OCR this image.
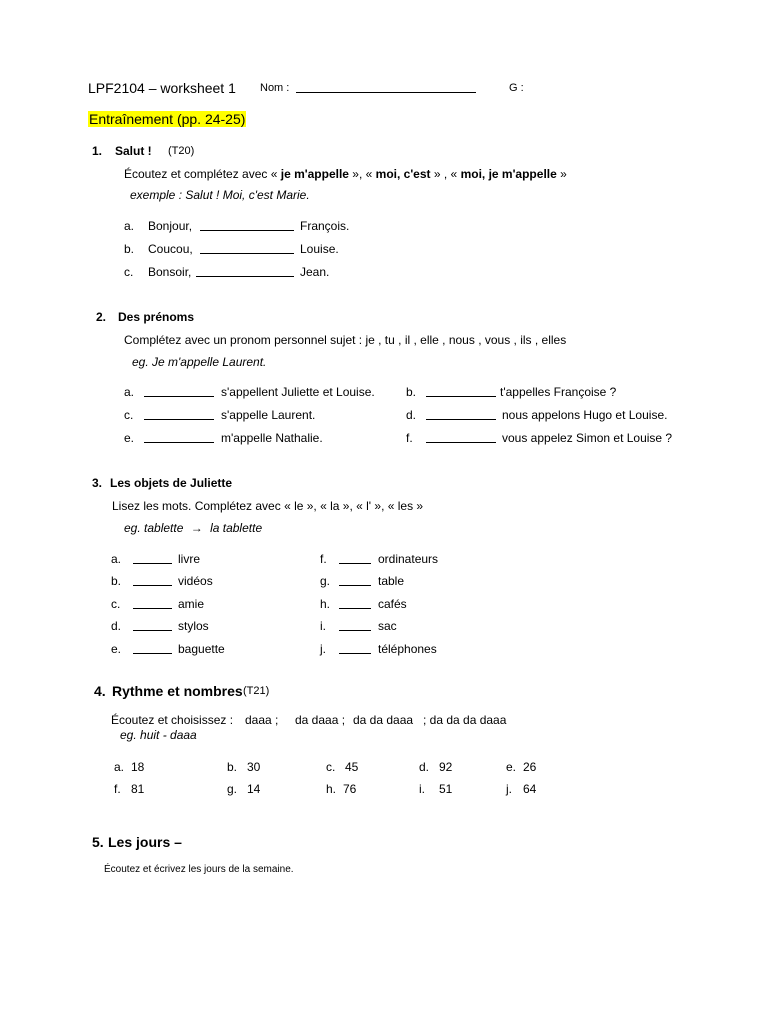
LPF2104 – worksheet 1 Nom :	G :
Entraînement (pp. 24-25)
1. Salut ! (T20)
Écoutez et complétez avec « je m'appelle », « moi, c'est » , « moi, je m'appelle »
exemple : Salut ! Moi, c'est Marie.
a. Bonjour,	François.
b. Coucou,	Louise.
c. Bonsoir,	Jean.
2. Des prénoms
Complétez avec un pronom personnel sujet : je , tu , il , elle , nous , vous , ils , elles
eg. Je m'appelle Laurent.
a.	s'appellent Juliette et Louise.
c.	s'appelle Laurent.
e.	m'appelle Nathalie.
b.	t'appelles Françoise ?
d.	nous appelons Hugo et Louise.
f.	vous appelez Simon et Louise ?
3. Les objets de Juliette
Lisez les mots. Complétez avec « le », « la », « l' », « les »
eg. tablette → la tablette
a.	livre
b.	vidéos
c.	amie
d.	stylos
e.	baguette
f.	ordinateurs
g.	table
h.	cafés
i.	sac
j.	téléphones
4. Rythme et nombres (T21)
Écoutez et choisissez : daaa ; da daaa ; da da daaa ; da da da daaa
eg. huit - daaa
a. 18	b. 30	c. 45	d. 92	e. 26
f. 81	g. 14	h. 76	i. 51	j. 64
5. Les jours –
Écoutez et écrivez les jours de la semaine.
